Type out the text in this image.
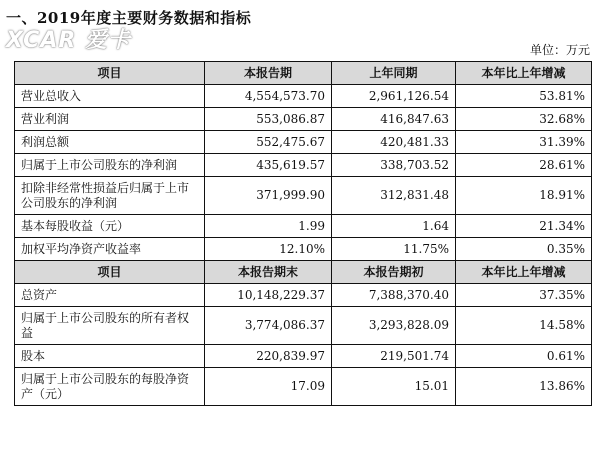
一、2019年度主要财务数据和指标
XCAR 爱卡	单位：万元
项目	本报告期	上年同期	本年比上年增减
营业总收入	4,554,573.70	2,961,126.54	53.81%
营业利润	553,086.87	416,847.63	32.68%
利润总额	552,475.67	420,481.33	31.39%
归属于上市公司股东的净利润	435,619.57	338,703.52	28.61%
扣除非经常性损益后归属于上市公司股东的净利润	371,999.90	312,831.48	18.91%
基本每股收益（元）	1.99	1.64	21.34%
加权平均净资产收益率	12.10%	11.75%	0.35%
项目	本报告期末	本报告期初	本年比上年增减
总资产	10,148,229.37	7,388,370.40	37.35%
归属于上市公司股东的所有者权益	3,774,086.37	3,293,828.09	14.58%
股本	220,839.97	219,501.74	0.61%
归属于上市公司股东的每股净资产（元）	17.09	15.01	13.86%
